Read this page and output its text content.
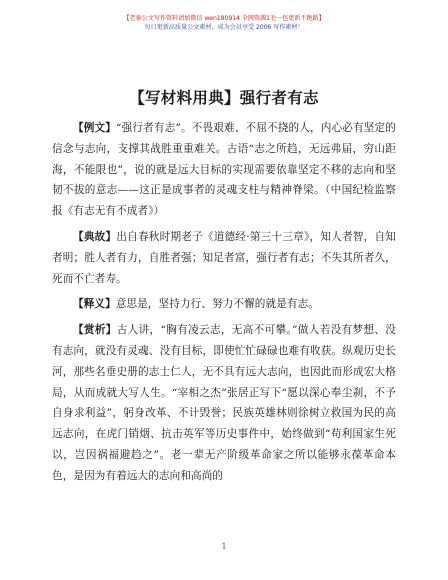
【老秦公文写作资料请加微信 wen180914 全网资源1毛一包更新不跑路】
每日更新高质量公文素材，成为会员享受 2006 写作素材！
【写材料用典】强行者有志

【例文】“强行者有志”。不畏艰难、不屈不挠的人，内心必有坚定的信念与志向，支撑其战胜重重难关。古语“志之所趋，无远弗届，穷山距海，不能限也”，说的就是远大目标的实现需要依靠坚定不移的志向和坚韧不拔的意志——这正是成事者的灵魂支柱与精神脊梁。（中国纪检监察报《有志无有不成者》）

【典故】出自春秋时期老子《道德经·第三十三章》，知人者智，自知者明；胜人者有力，自胜者强；知足者富，强行者有志；不失其所者久，死而不亡者寿。

【释义】意思是，坚持力行、努力不懈的就是有志。

【赏析】古人讲，“胸有凌云志，无高不可攀。”做人若没有梦想、没有志向，就没有灵魂、没有目标，即使忙忙碌碌也难有收获。纵观历史长河，那些名垂史册的志士仁人，无不具有远大志向，也因此而形成宏大格局，从而成就大写人生。“宰相之杰”张居正写下“愿以深心奉尘刹，不予自身求利益”，躬身改革、不计毁誉；民族英雄林则徐树立救国为民的高远志向，在虎门销烟、抗击英军等历史事件中，始终做到“苟利国家生死以，岂因祸福避趋之”。老一辈无产阶级革命家之所以能够永葆革命本色，是因为有着远大的志向和高尚的

1
